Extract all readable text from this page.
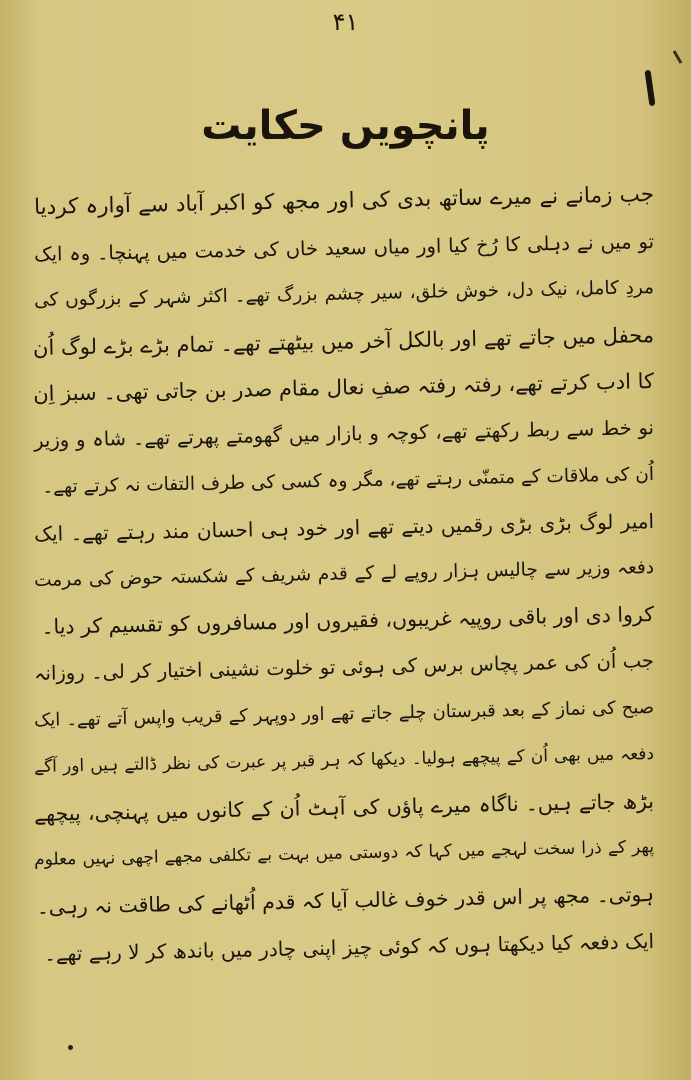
۴۱
پانچویں حکایت
جب زمانے نے میرے ساتھ بدی کی اور مجھ کو اکبر آباد سے آوارہ کردیا
تو میں نے دہلی کا رُخ کیا اور میاں سعید خاں کی خدمت میں پہنچا۔ وہ ایک
مردِ کامل، نیک دل، خوش خلق، سیر چشم بزرگ تھے۔ اکثر شہر کے بزرگوں کی
محفل میں جاتے تھے اور بالکل آخر میں بیٹھتے تھے۔ تمام بڑے بڑے لوگ اُن
کا ادب کرتے تھے، رفتہ رفتہ صفِ نعال مقام صدر بن جاتی تھی۔ سبز اِن
نو خط سے ربط رکھتے تھے، کوچہ و بازار میں گھومتے پھرتے تھے۔ شاہ و وزیر
اُن کی ملاقات کے متمنّی رہتے تھے، مگر وہ کسی کی طرف التفات نہ کرتے تھے۔
امیر لوگ بڑی بڑی رقمیں دیتے تھے اور خود ہی احسان مند رہتے تھے۔ ایک
دفعہ وزیر سے چالیس ہزار روپے لے کے قدم شریف کے شکستہ حوض کی مرمت
کروا دی اور باقی روپیہ غریبوں، فقیروں اور مسافروں کو تقسیم کر دیا۔
جب اُن کی عمر پچاس برس کی ہوئی تو خلوت نشینی اختیار کر لی۔ روزانہ
صبح کی نماز کے بعد قبرستان چلے جاتے تھے اور دوپہر کے قریب واپس آتے تھے۔ ایک
دفعہ میں بھی اُن کے پیچھے ہولیا۔ دیکھا کہ ہر قبر پر عبرت کی نظر ڈالتے ہیں اور آگے
بڑھ جاتے ہیں۔ ناگاہ میرے پاؤں کی آہٹ اُن کے کانوں میں پہنچی، پیچھے
پھر کے ذرا سخت لہجے میں کہا کہ دوستی میں بہت بے تکلفی مجھے اچھی نہیں معلوم
ہوتی۔ مجھ پر اس قدر خوف غالب آیا کہ قدم اُٹھانے کی طاقت نہ رہی۔
ایک دفعہ کیا دیکھتا ہوں کہ کوئی چیز اپنی چادر میں باندھ کر لا رہے تھے۔
